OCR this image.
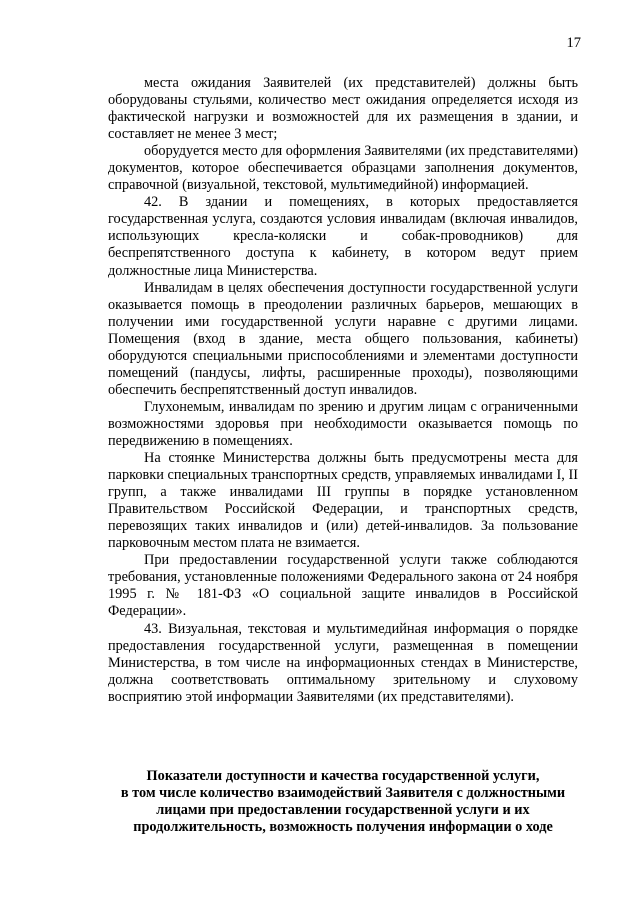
17

места ожидания Заявителей (их представителей) должны быть оборудованы стульями, количество мест ожидания определяется исходя из фактической нагрузки и возможностей для их размещения в здании, и составляет не менее 3 мест;

оборудуется место для оформления Заявителями (их представителями) документов, которое обеспечивается образцами заполнения документов, справочной (визуальной, текстовой, мультимедийной) информацией.

42. В здании и помещениях, в которых предоставляется государственная услуга, создаются условия инвалидам (включая инвалидов, использующих кресла-коляски и собак-проводников) для беспрепятственного доступа к кабинету, в котором ведут прием должностные лица Министерства.

Инвалидам в целях обеспечения доступности государственной услуги оказывается помощь в преодолении различных барьеров, мешающих в получении ими государственной услуги наравне с другими лицами. Помещения (вход в здание, места общего пользования, кабинеты) оборудуются специальными приспособлениями и элементами доступности помещений (пандусы, лифты, расширенные проходы), позволяющими обеспечить беспрепятственный доступ инвалидов.

Глухонемым, инвалидам по зрению и другим лицам с ограниченными возможностями здоровья при необходимости оказывается помощь по передвижению в помещениях.

На стоянке Министерства должны быть предусмотрены места для парковки специальных транспортных средств, управляемых инвалидами I, II групп, а также инвалидами III группы в порядке установленном Правительством Российской Федерации, и транспортных средств, перевозящих таких инвалидов и (или) детей-инвалидов. За пользование парковочным местом плата не взимается.

При предоставлении государственной услуги также соблюдаются требования, установленные положениями Федерального закона от 24 ноября 1995 г. № 181-ФЗ «О социальной защите инвалидов в Российской Федерации».

43. Визуальная, текстовая и мультимедийная информация о порядке предоставления государственной услуги, размещенная в помещении Министерства, в том числе на информационных стендах в Министерстве, должна соответствовать оптимальному зрительному и слуховому восприятию этой информации Заявителями (их представителями).

Показатели доступности и качества государственной услуги,
в том числе количество взаимодействий Заявителя с должностными
лицами при предоставлении государственной услуги и их
продолжительность, возможность получения информации о ходе
